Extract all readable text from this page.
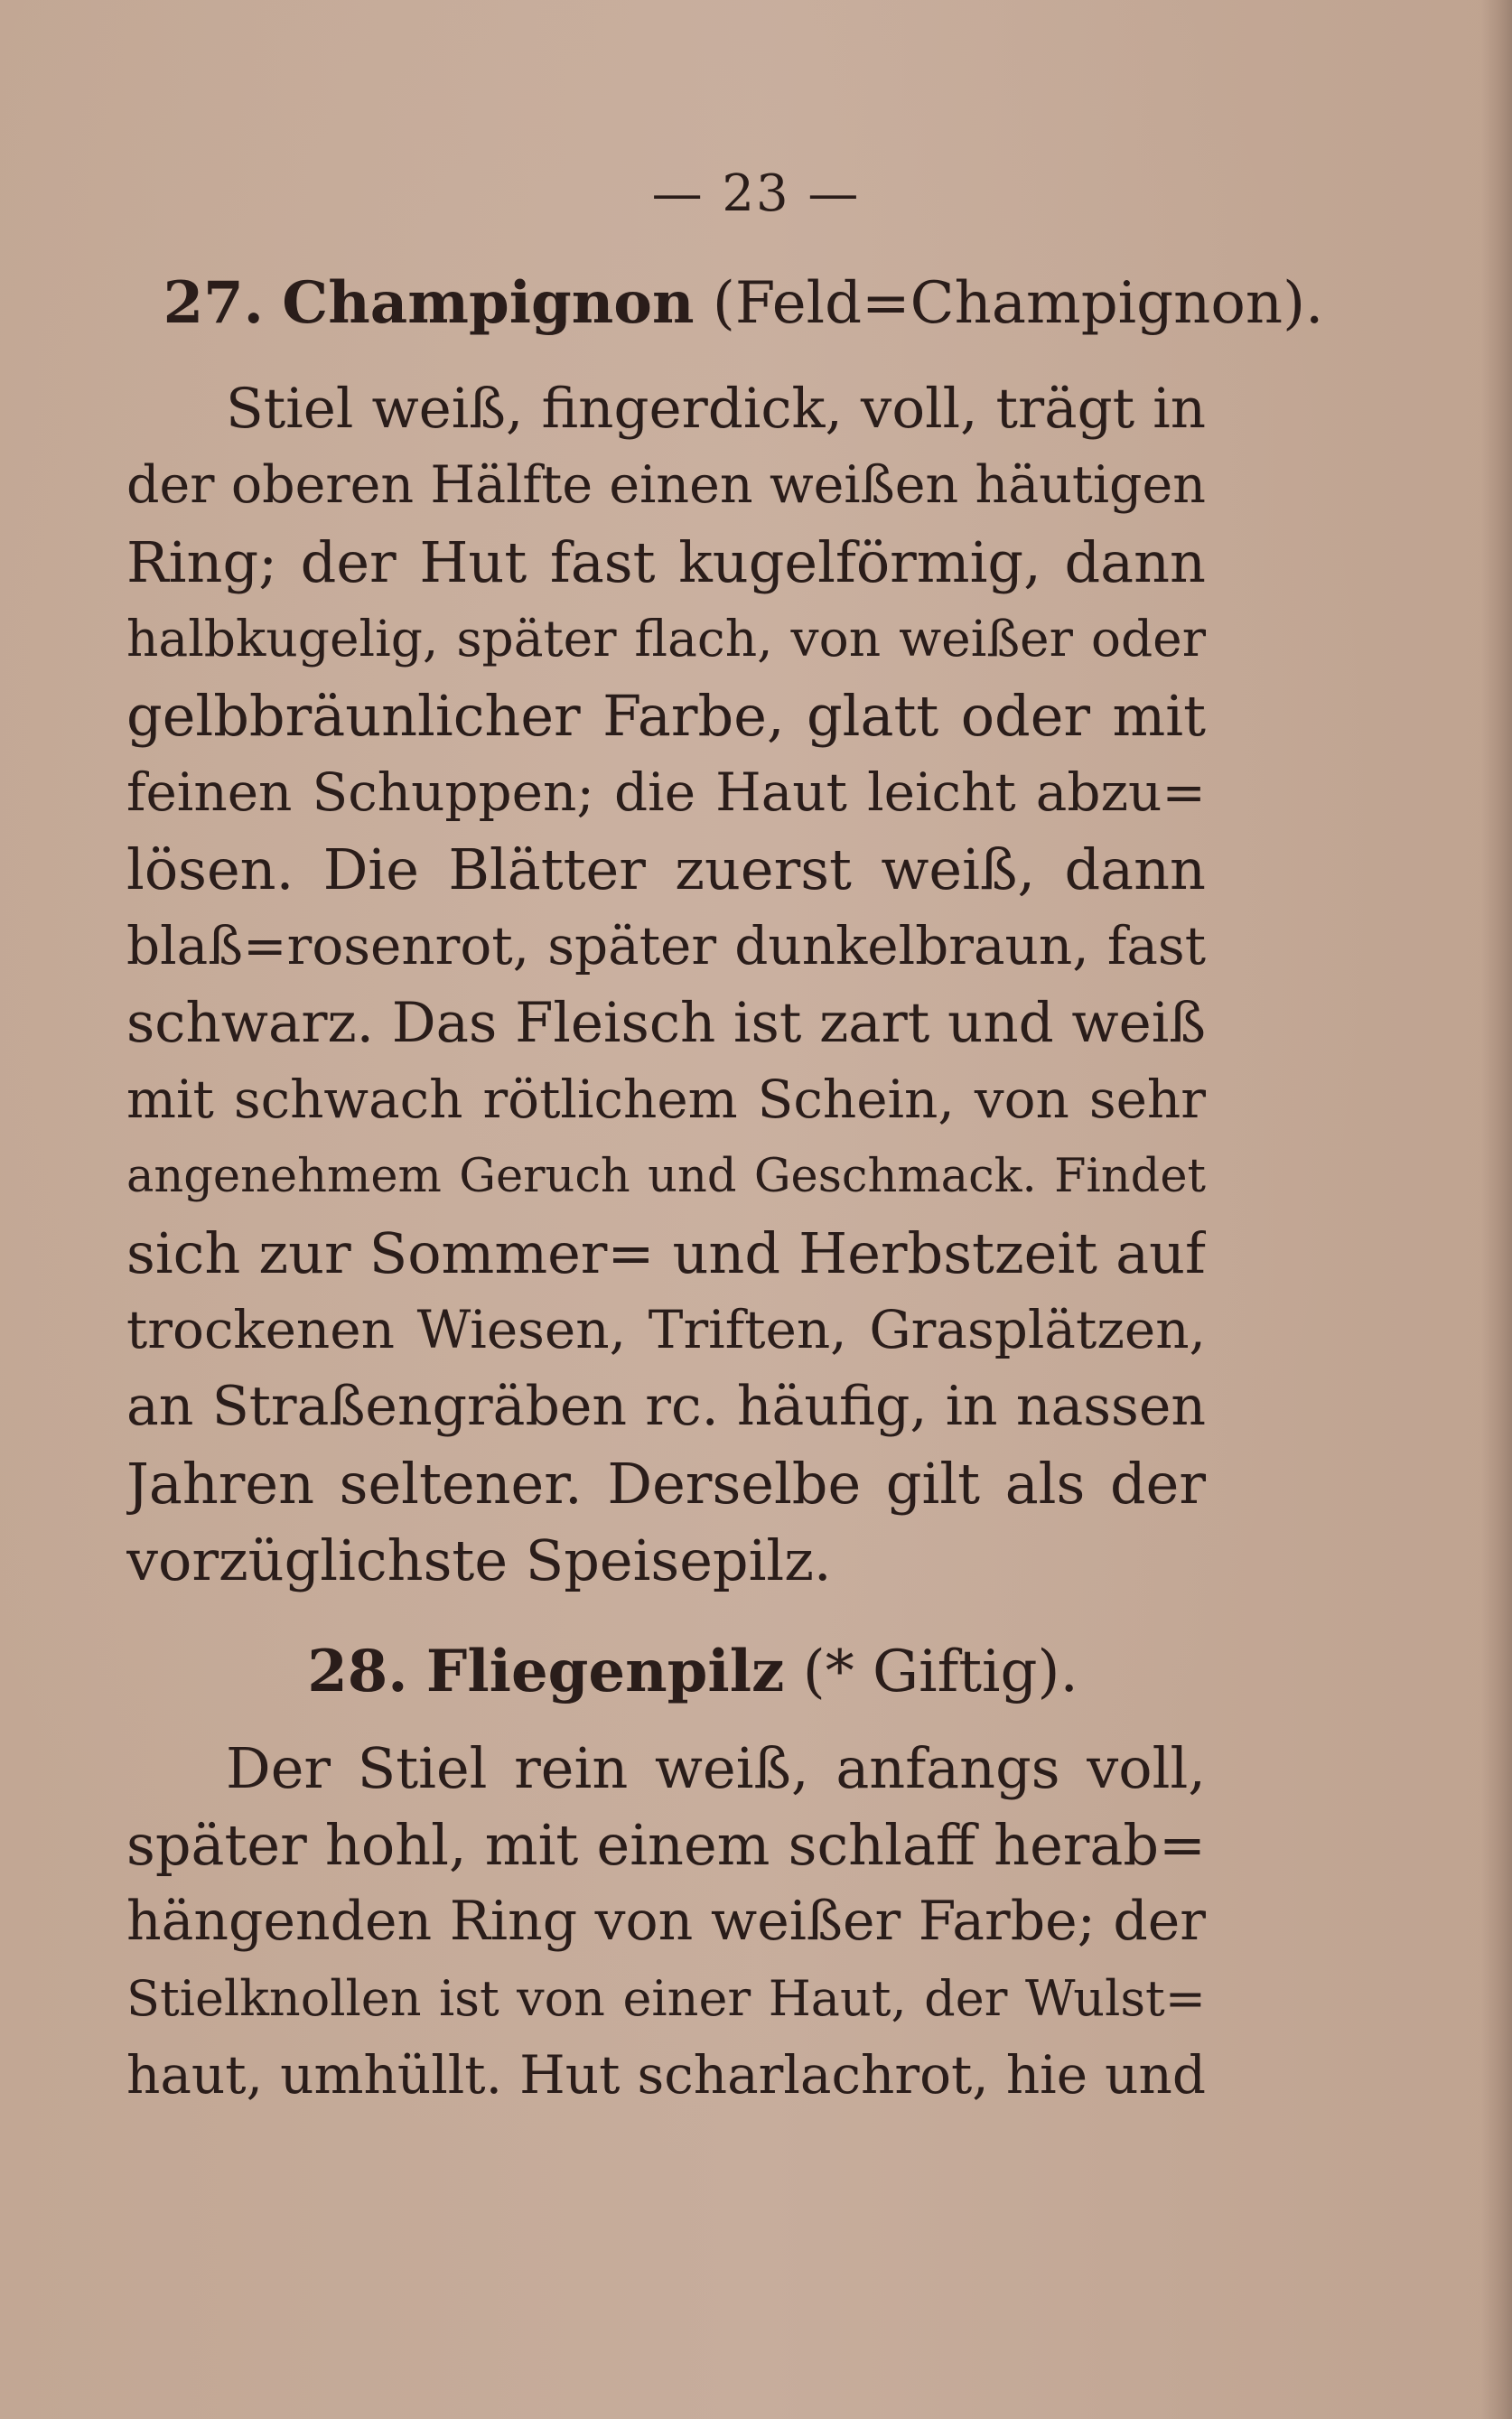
— 23 —
27. Champignon (Feld=Champignon).
Stiel weiß, fingerdick, voll, trägt in
der oberen Hälfte einen weißen häutigen
Ring; der Hut fast kugelförmig, dann
halbkugelig, später flach, von weißer oder
gelbbräunlicher Farbe, glatt oder mit
feinen Schuppen; die Haut leicht abzu=
lösen. Die Blätter zuerst weiß, dann
blaß=rosenrot, später dunkelbraun, fast
schwarz. Das Fleisch ist zart und weiß
mit schwach rötlichem Schein, von sehr
angenehmem Geruch und Geschmack. Findet
sich zur Sommer= und Herbstzeit auf
trockenen Wiesen, Triften, Grasplätzen,
an Straßengräben rc. häufig, in nassen
Jahren seltener. Derselbe gilt als der
vorzüglichste Speisepilz.
28. Fliegenpilz (* Giftig).
Der Stiel rein weiß, anfangs voll,
später hohl, mit einem schlaff herab=
hängenden Ring von weißer Farbe; der
Stielknollen ist von einer Haut, der Wulst=
haut, umhüllt. Hut scharlachrot, hie und
